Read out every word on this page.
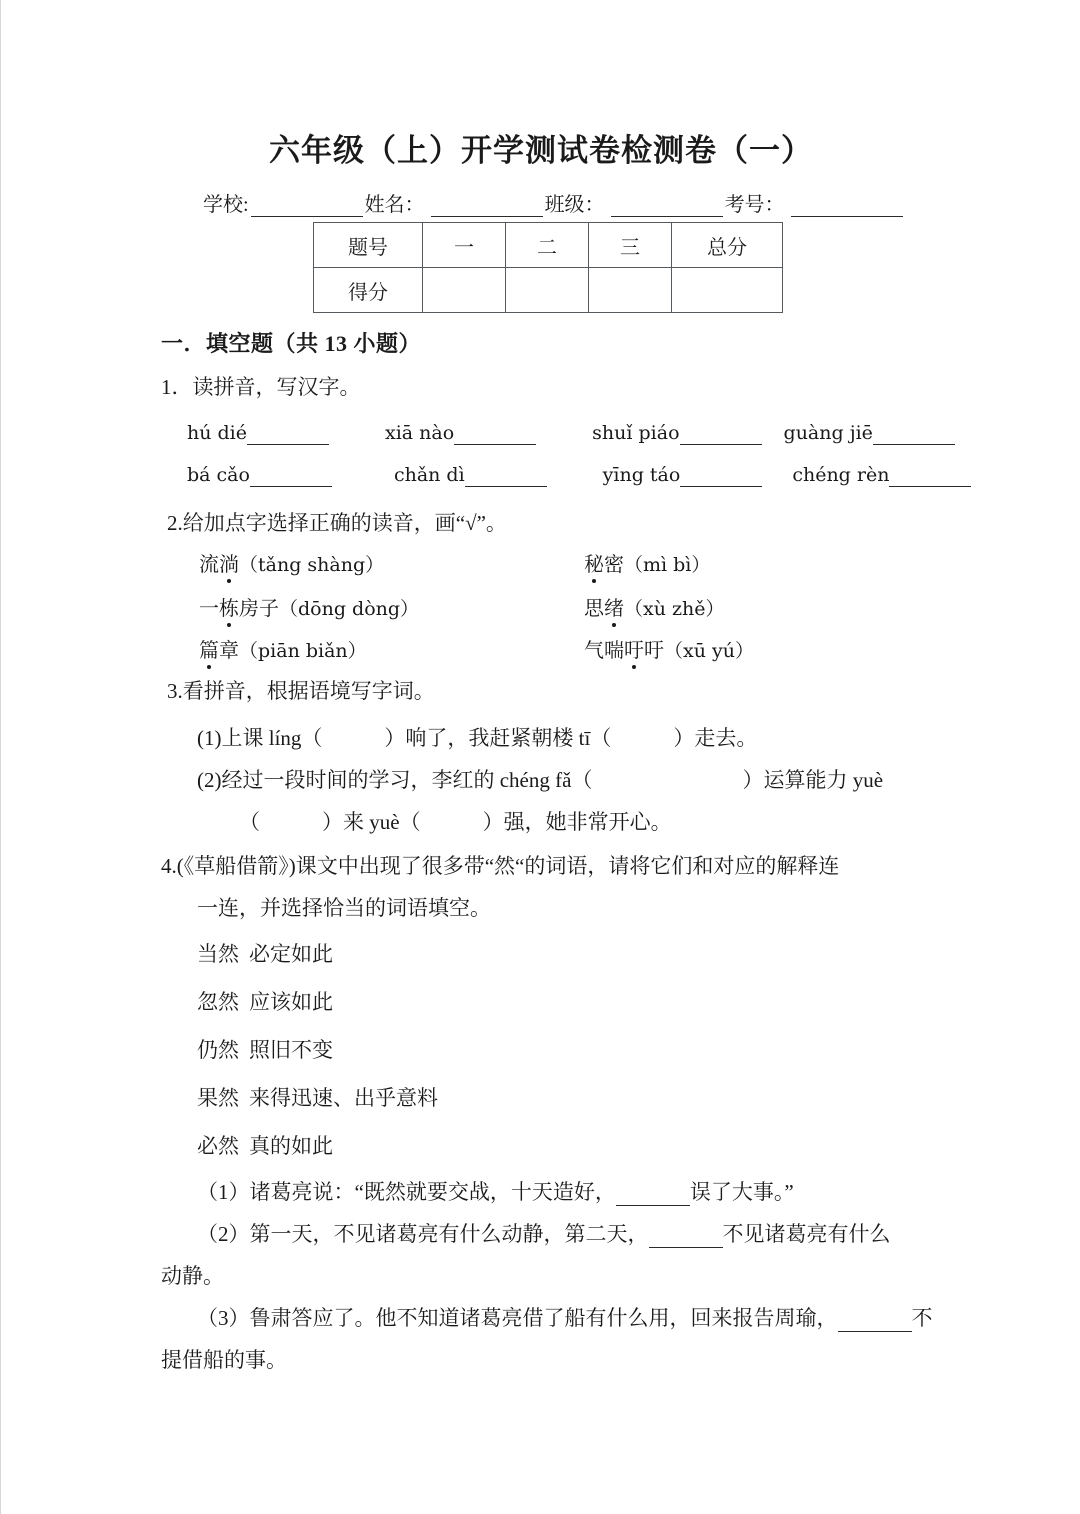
六年级（上）开学测试卷检测卷（一）
学校:	姓名：	班级：	考号：
题号	一	二	三	总分
得分				
一．填空题（共 13 小题）
1．读拼音，写汉字。
hú dié	xiā nào	shuǐ piáo	guàng jiē
bá cǎo	chǎn dì	yīng táo	chéng rèn
2.给加点字选择正确的读音，画“√”。
流淌（tǎng shàng）	秘密（mì bì）
一栋房子（dōng dòng）	思绪（xù zhě）
篇章（piān biǎn）	气喘吁吁（xū yú）
3.看拼音，根据语境写字词。
(1)上课 líng（	）响了，我赶紧朝楼 tī（	）走去。
(2)经过一段时间的学习，李红的 chéng fǎ（	）运算能力 yuè
（	）来 yuè（	）强，她非常开心。
4.(《草船借箭》)课文中出现了很多带“然“的词语，请将它们和对应的解释连
一连，并选择恰当的词语填空。
当然 必定如此
忽然 应该如此
仍然 照旧不变
果然 来得迅速、出乎意料
必然 真的如此
（1）诸葛亮说：“既然就要交战，十天造好，	误了大事。”
（2）第一天，不见诸葛亮有什么动静，第二天，	不见诸葛亮有什么
动静。
（3）鲁肃答应了。他不知道诸葛亮借了船有什么用，回来报告周瑜，	不
提借船的事。
